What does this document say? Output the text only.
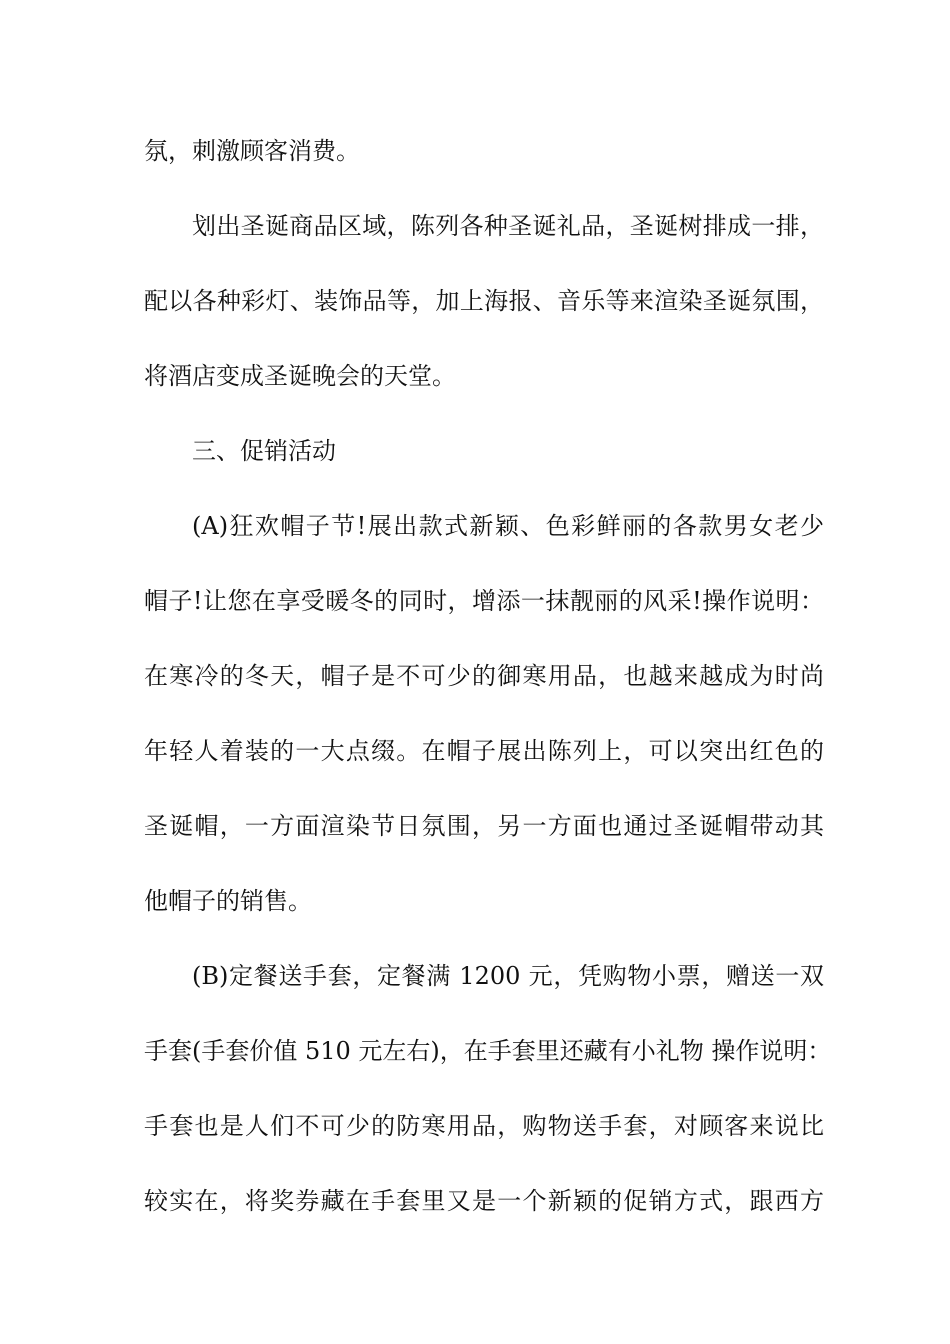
氛，刺激顾客消费。
划出圣诞商品区域，陈列各种圣诞礼品，圣诞树排成一排，
配以各种彩灯、装饰品等，加上海报、音乐等来渲染圣诞氛围，
将酒店变成圣诞晚会的天堂。
三、促销活动
(A)狂欢帽子节!展出款式新颖、色彩鲜丽的各款男女老少
帽子!让您在享受暖冬的同时，增添一抹靓丽的风采!操作说明：
在寒冷的冬天，帽子是不可少的御寒用品，也越来越成为时尚
年轻人着装的一大点缀。在帽子展出陈列上，可以突出红色的
圣诞帽，一方面渲染节日氛围，另一方面也通过圣诞帽带动其
他帽子的销售。
(B)定餐送手套，定餐满 1200 元，凭购物小票，赠送一双
手套(手套价值 510 元左右)，在手套里还藏有小礼物 操作说明：
手套也是人们不可少的防寒用品，购物送手套，对顾客来说比
较实在，将奖券藏在手套里又是一个新颖的促销方式，跟西方
